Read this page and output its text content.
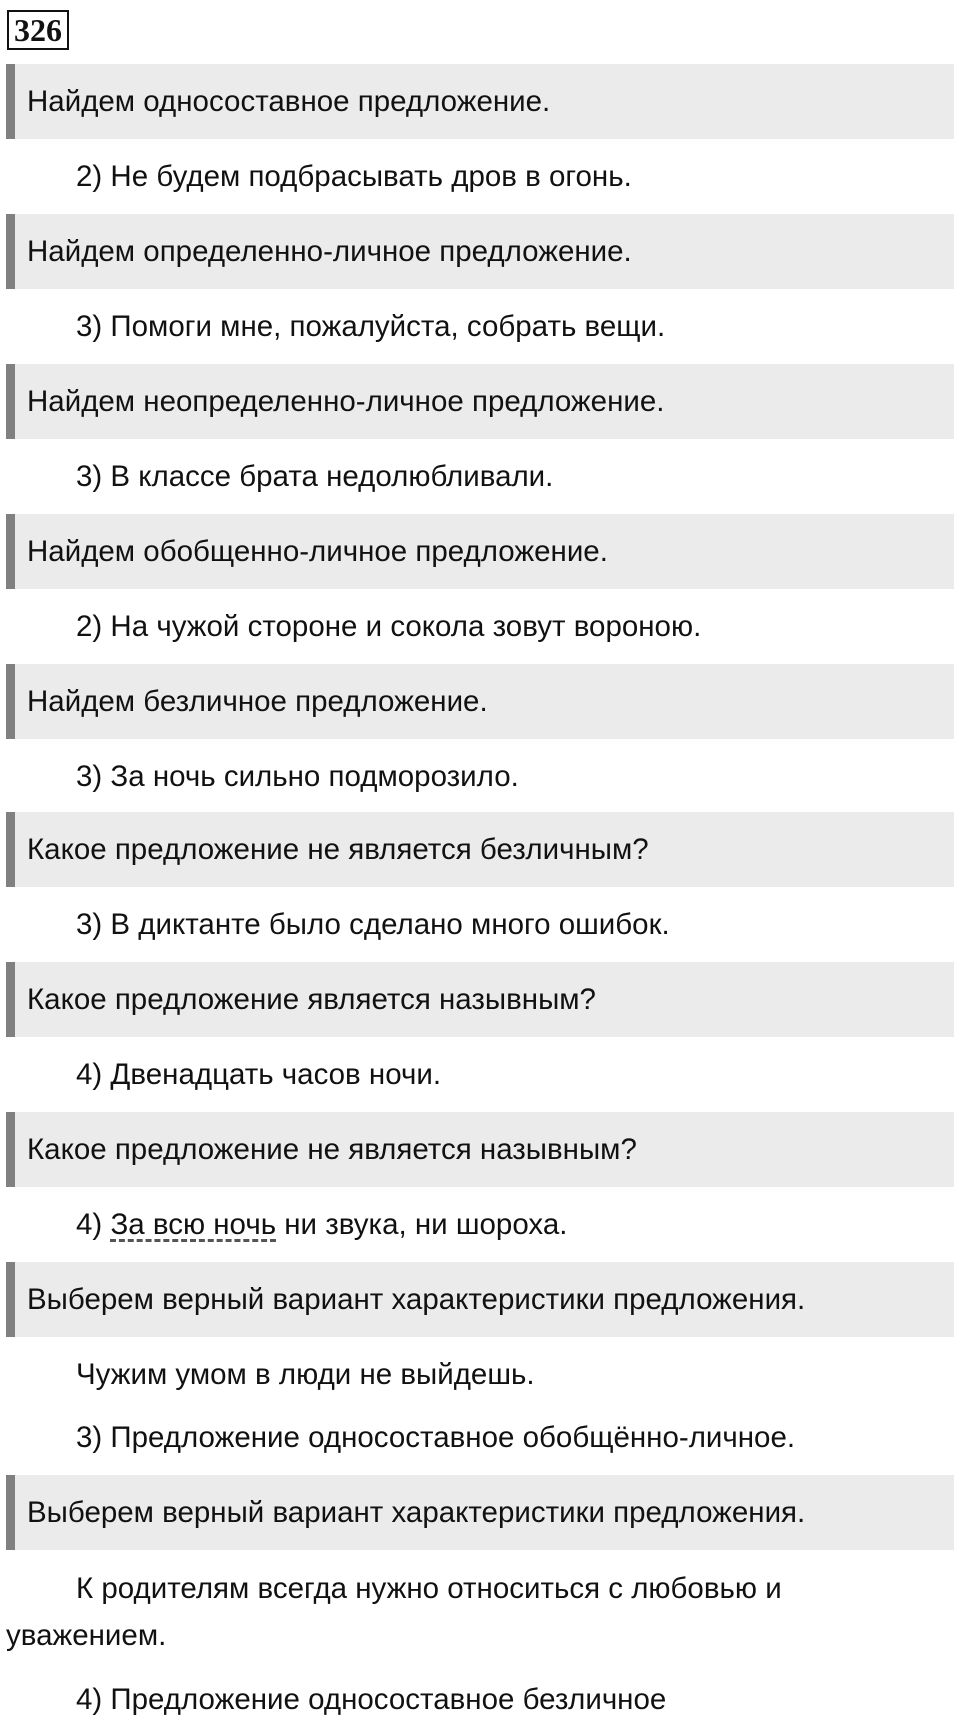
326
Найдем односоставное предложение.
2) Не будем подбрасывать дров в огонь.
Найдем определенно-личное предложение.
3) Помоги мне, пожалуйста, собрать вещи.
Найдем неопределенно-личное предложение.
3) В классе брата недолюбливали.
Найдем обобщенно-личное предложение.
2) На чужой стороне и сокола зовут вороною.
Найдем безличное предложение.
3) За ночь сильно подморозило.
Какое предложение не является безличным?
3) В диктанте было сделано много ошибок.
Какое предложение является назывным?
4) Двенадцать часов ночи.
Какое предложение не является назывным?
4) За всю ночь ни звука, ни шороха.
Выберем верный вариант характеристики предложения.
Чужим умом в люди не выйдешь.
3) Предложение односоставное обобщённо-личное.
Выберем верный вариант характеристики предложения.
К родителям всегда нужно относиться с любовью и уважением.
4) Предложение односоставное безличное
